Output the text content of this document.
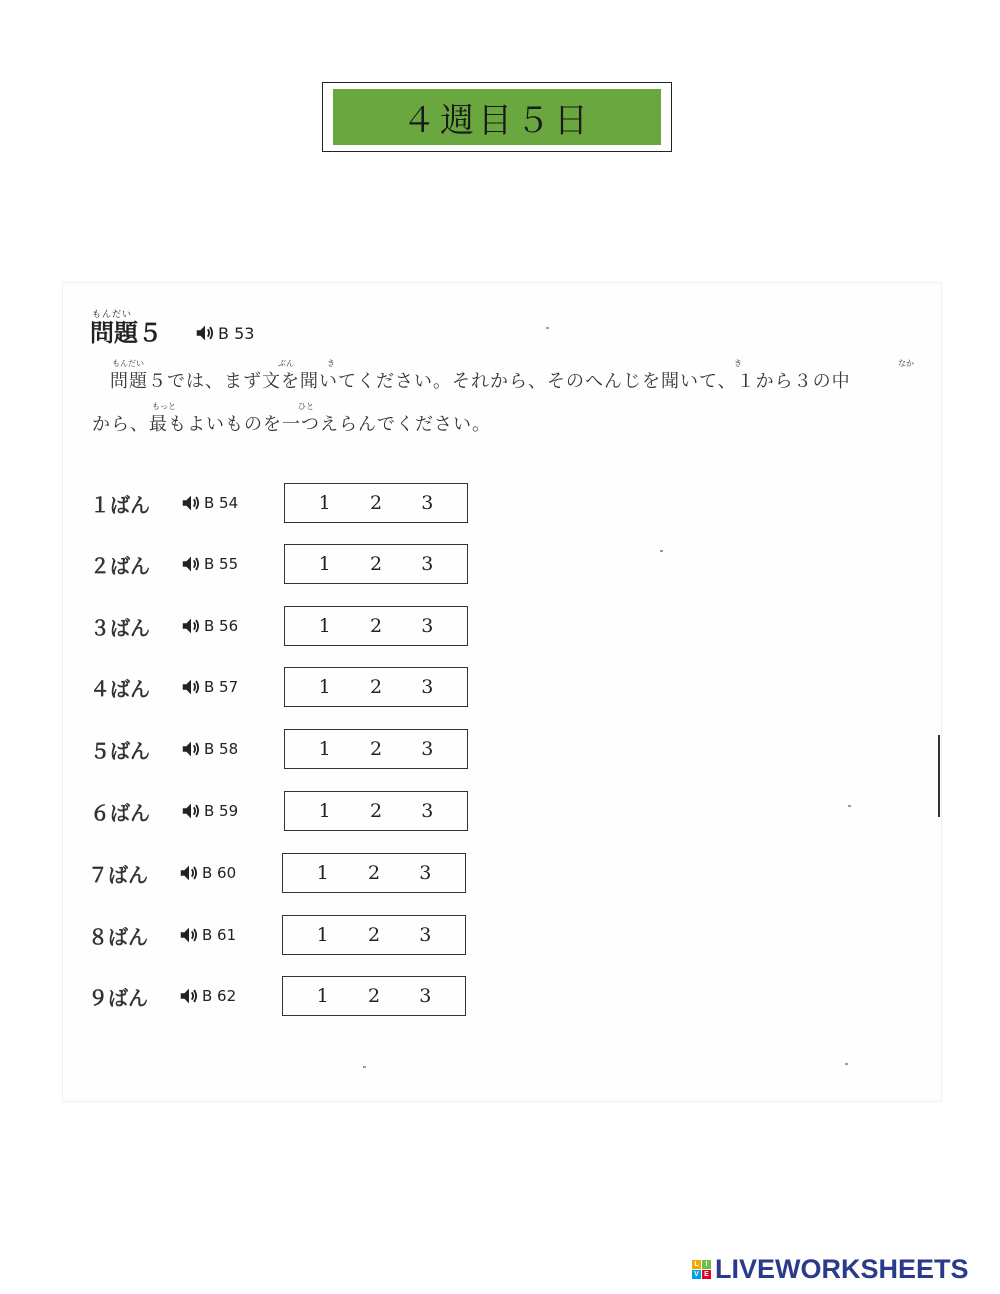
４週目５日
もんだい
問題５	B 53
もんだい	ぶん	き	き	なか
もっと	ひと
問題５では、まず文を聞いてください。それから、そのへんじを聞いて、１から３の中
から、最もよいものを一つえらんでください。
１ばん	B 54	1	2	3
２ばん	B 55	1	2	3
３ばん	B 56	1	2	3
４ばん	B 57	1	2	3
５ばん	B 58	1	2	3
６ばん	B 59	1	2	3
７ばん	B 60	1	2	3
８ばん	B 61	1	2	3
９ばん	B 62	1	2	3
L I
V E LIVEWORKSHEETS
